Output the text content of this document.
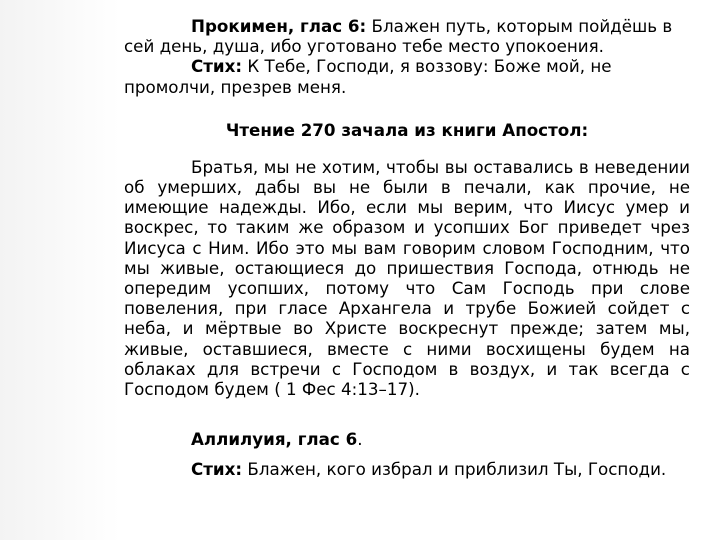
Прокимен, глас 6: Блажен путь, которым пойдёшь в сей день, душа, ибо уготовано тебе место упокоения.

Стих: К Тебе, Господи, я воззову: Боже мой, не промолчи, презрев меня.

Чтение 270 зачала из книги Апостол:

Братья, мы не хотим, чтобы вы оставались в неведении об умерших, дабы вы не были в печали, как прочие, не имеющие надежды. Ибо, если мы верим, что Иисус умер и воскрес, то таким же образом и усопших Бог приведет чрез Иисуса с Ним. Ибо это мы вам говорим словом Господним, что мы живые, остающиеся до пришествия Господа, отнюдь не опередим усопших, потому что Сам Господь при слове повеления, при гласе Архангела и трубе Божией сойдет с неба, и мёртвые во Христе воскреснут прежде; затем мы, живые, оставшиеся, вместе с ними восхищены будем на облаках для встречи с Господом в воздух, и так всегда с Господом будем ( 1 Фес 4:13–17).

Аллилуия, глас 6.

Стих: Блажен, кого избрал и приблизил Ты, Господи.
